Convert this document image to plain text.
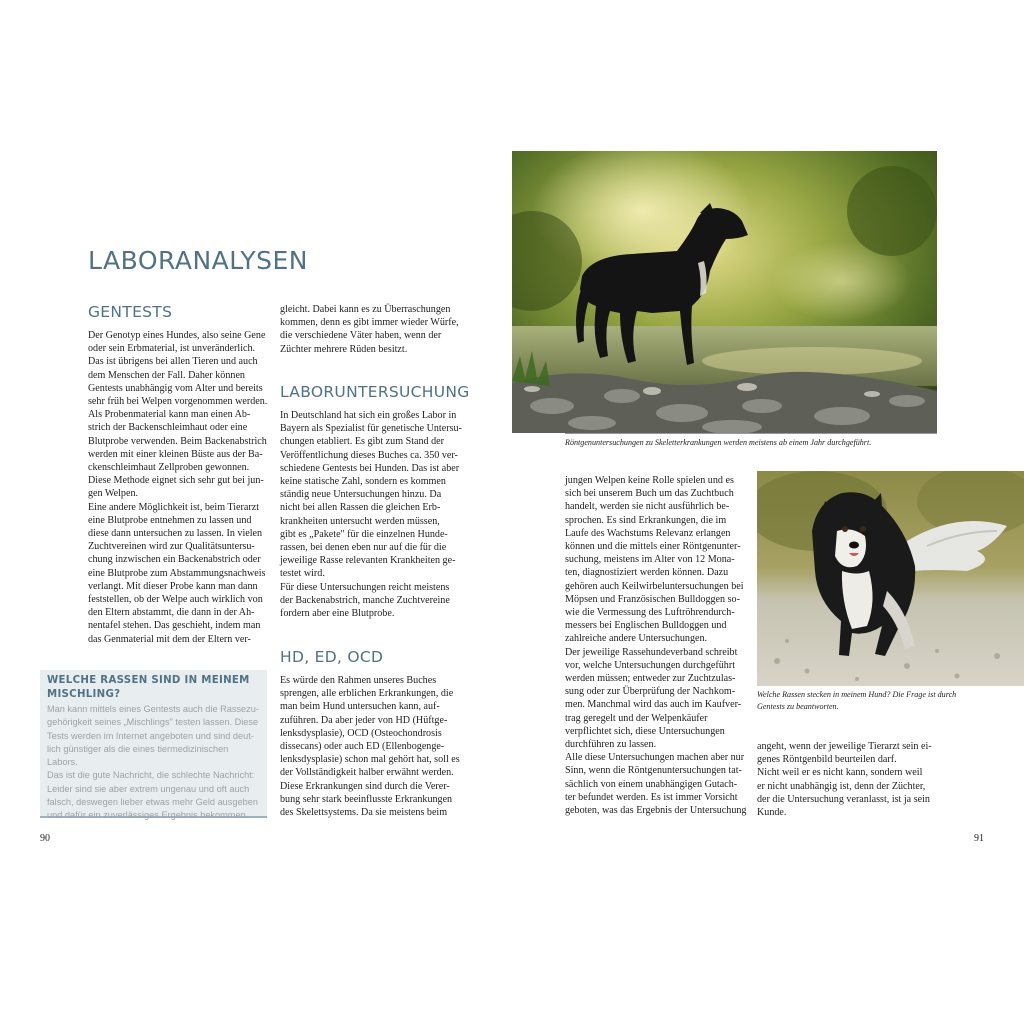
LABORANALYSEN
GENTESTS

Der Genotyp eines Hundes, also seine Gene
oder sein Erbmaterial, ist unveränderlich.
Das ist übrigens bei allen Tieren und auch
dem Menschen der Fall. Daher können
Gentests unabhängig vom Alter und bereits
sehr früh bei Welpen vorgenommen werden.
Als Probenmaterial kann man einen Ab-
strich der Backenschleimhaut oder eine
Blutprobe verwenden. Beim Backenabstrich
werden mit einer kleinen Büste aus der Ba-
ckenschleimhaut Zellproben gewonnen.
Diese Methode eignet sich sehr gut bei jun-
gen Welpen.
Eine andere Möglichkeit ist, beim Tierarzt
eine Blutprobe entnehmen zu lassen und
diese dann untersuchen zu lassen. In vielen
Zuchtvereinen wird zur Qualitätsuntersu-
chung inzwischen ein Backenabstrich oder
eine Blutprobe zum Abstammungsnachweis
verlangt. Mit dieser Probe kann man dann
feststellen, ob der Welpe auch wirklich von
den Eltern abstammt, die dann in der Ah-
nentafel stehen. Das geschieht, indem man
das Genmaterial mit dem der Eltern ver-

gleicht. Dabei kann es zu Überraschungen
kommen, denn es gibt immer wieder Würfe,
die verschiedene Väter haben, wenn der
Züchter mehrere Rüden besitzt.

LABORUNTERSUCHUNG

In Deutschland hat sich ein großes Labor in
Bayern als Spezialist für genetische Untersu-
chungen etabliert. Es gibt zum Stand der
Veröffentlichung dieses Buches ca. 350 ver-
schiedene Gentests bei Hunden. Das ist aber
keine statische Zahl, sondern es kommen
ständig neue Untersuchungen hinzu. Da
nicht bei allen Rassen die gleichen Erb-
krankheiten untersucht werden müssen,
gibt es „Pakete" für die einzelnen Hunde-
rassen, bei denen eben nur auf die für die
jeweilige Rasse relevanten Krankheiten ge-
testet wird.
Für diese Untersuchungen reicht meistens
der Backenabstrich, manche Zuchtvereine
fordern aber eine Blutprobe.

HD, ED, OCD

Es würde den Rahmen unseres Buches
sprengen, alle erblichen Erkrankungen, die
man beim Hund untersuchen kann, auf-
zuführen. Da aber jeder von HD (Hüftge-
lenksdysplasie), OCD (Osteochondrosis
dissecans) oder auch ED (Ellenbogenge-
lenksdysplasie) schon mal gehört hat, soll es
der Vollständigkeit halber erwähnt werden.
Diese Erkrankungen sind durch die Verer-
bung sehr stark beeinflusste Erkrankungen
des Skelettsystems. Da sie meistens beim

WELCHE RASSEN SIND IN MEINEM
MISCHLING?

Man kann mittels eines Gentests auch die Rassezu-
gehörigkeit seines „Mischlings" testen lassen. Diese
Tests werden im Internet angeboten und sind deut-
lich günstiger als die eines tiermedizinischen Labors.
Das ist die gute Nachricht, die schlechte Nachricht:
Leider sind sie aber extrem ungenau und oft auch
falsch, deswegen lieber etwas mehr Geld ausgeben
und dafür ein zuverlässiges Ergebnis bekommen.

90

Röntgenuntersuchungen zu Skeletterkrankungen werden meistens ab einem Jahr durchgeführt.

jungen Welpen keine Rolle spielen und es
sich bei unserem Buch um das Zuchtbuch
handelt, werden sie nicht ausführlich be-
sprochen. Es sind Erkrankungen, die im
Laufe des Wachstums Relevanz erlangen
können und die mittels einer Röntgenunter-
suchung, meistens im Alter von 12 Mona-
ten, diagnostiziert werden können. Dazu
gehören auch Keilwirbeluntersuchungen bei
Möpsen und Französischen Bulldoggen so-
wie die Vermessung des Luftröhrendurch-
messers bei Englischen Bulldoggen und
zahlreiche andere Untersuchungen.
Der jeweilige Rassehundeverband schreibt
vor, welche Untersuchungen durchgeführt
werden müssen; entweder zur Zuchtzulas-
sung oder zur Überprüfung der Nachkom-
men. Manchmal wird das auch im Kaufver-
trag geregelt und der Welpenkäufer
verpflichtet sich, diese Untersuchungen
durchführen zu lassen.
Alle diese Untersuchungen machen aber nur
Sinn, wenn die Röntgenuntersuchungen tat-
sächlich von einem unabhängigen Gutach-
ter befundet werden. Es ist immer Vorsicht
geboten, was das Ergebnis der Untersuchung

angeht, wenn der jeweilige Tierarzt sein ei-
genes Röntgenbild beurteilen darf.
Nicht weil er es nicht kann, sondern weil
er nicht unabhängig ist, denn der Züchter,
der die Untersuchung veranlasst, ist ja sein
Kunde.

Welche Rassen stecken in meinem Hund? Die Frage ist durch
Gentests zu beantworten.

91
